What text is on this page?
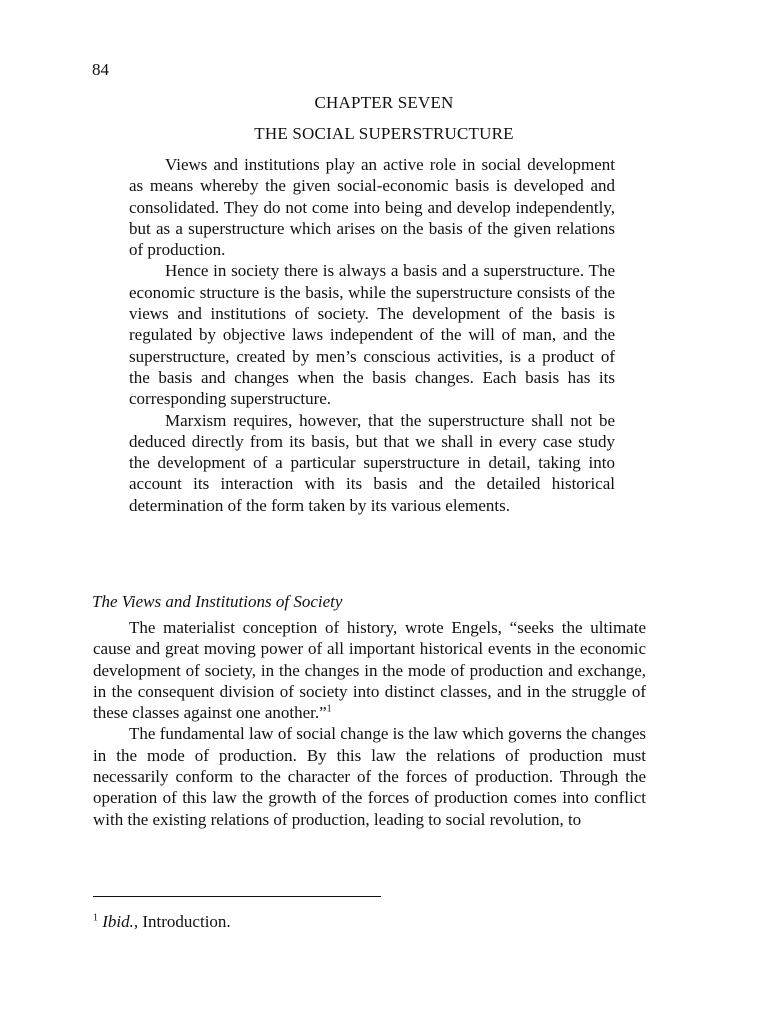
84
CHAPTER SEVEN
THE SOCIAL SUPERSTRUCTURE

Views and institutions play an active role in social development as means whereby the given social-economic basis is developed and consolidated. They do not come into being and develop independently, but as a superstructure which arises on the basis of the given relations of production.

Hence in society there is always a basis and a superstructure. The economic structure is the basis, while the superstructure consists of the views and institutions of society. The development of the basis is regulated by objective laws independent of the will of man, and the superstructure, created by men’s conscious activities, is a product of the basis and changes when the basis changes. Each basis has its corresponding superstructure.

Marxism requires, however, that the superstructure shall not be deduced directly from its basis, but that we shall in every case study the development of a particular superstructure in detail, taking into account its interaction with its basis and the detailed historical determination of the form taken by its various elements.

The Views and Institutions of Society

The materialist conception of history, wrote Engels, “seeks the ultimate cause and great moving power of all important historical events in the economic development of society, in the changes in the mode of production and exchange, in the consequent division of society into distinct classes, and in the struggle of these classes against one another.”$^1$

The fundamental law of social change is the law which governs the changes in the mode of production. By this law the relations of production must necessarily conform to the character of the forces of production. Through the operation of this law the growth of the forces of production comes into conflict with the existing relations of production, leading to social revolution, to

$^1$ Ibid., Introduction.
